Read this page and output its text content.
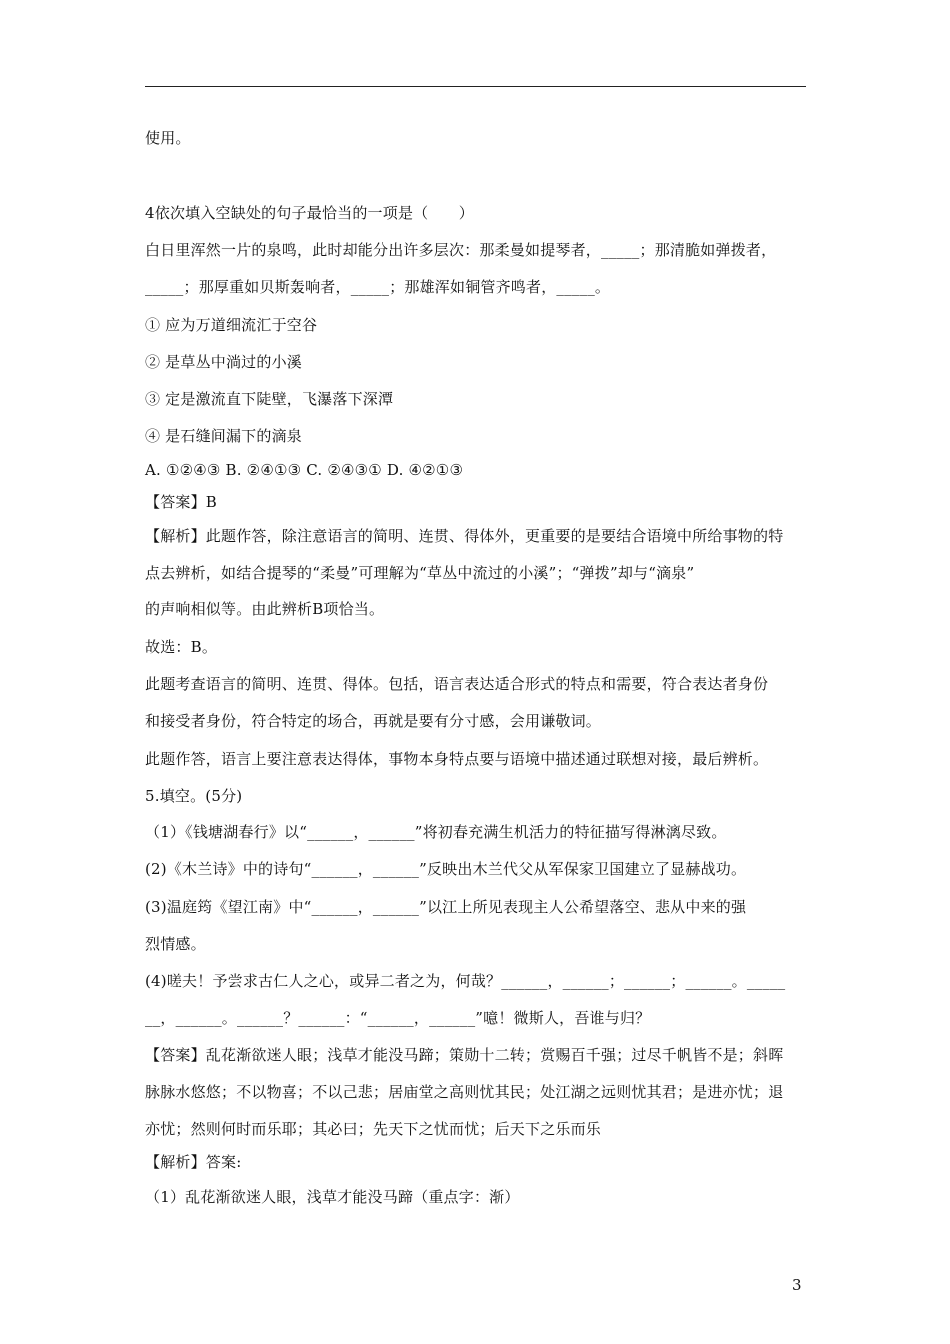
使用。
4依次填入空缺处的句子最恰当的一项是（　　）
白日里浑然一片的泉鸣，此时却能分出许多层次：那柔曼如提琴者，_____；那清脆如弹拨者，
_____；那厚重如贝斯轰响者，_____；那雄浑如铜管齐鸣者，_____。
① 应为万道细流汇于空谷
② 是草丛中淌过的小溪
③ 定是激流直下陡壁，飞瀑落下深潭
④ 是石缝间漏下的滴泉
A. ①②④③ B. ②④①③ C. ②④③① D. ④②①③
【答案】B
【解析】此题作答，除注意语言的简明、连贯、得体外，更重要的是要结合语境中所给事物的特
点去辨析，如结合提琴的“柔曼”可理解为“草丛中流过的小溪”；“弹拨”却与“滴泉”
的声响相似等。由此辨析B项恰当。
故选：B。
此题考查语言的简明、连贯、得体。包括，语言表达适合形式的特点和需要，符合表达者身份
和接受者身份，符合特定的场合，再就是要有分寸感，会用谦敬词。
此题作答，语言上要注意表达得体，事物本身特点要与语境中描述通过联想对接，最后辨析。
5.填空。(5分)
（1）《钱塘湖春行》以“______，______”将初春充满生机活力的特征描写得淋漓尽致。
(2)《木兰诗》中的诗句“______，______”反映出木兰代父从军保家卫国建立了显赫战功。
(3)温庭筠《望江南》中“______，______”以江上所见表现主人公希望落空、悲从中来的强
烈情感。
(4)嗟夫！予尝求古仁人之心，或异二者之为，何哉？______，______；______；______。_____
__，______。______？______：“______，______”噫！微斯人，吾谁与归？
【答案】乱花渐欲迷人眼；浅草才能没马蹄；策勋十二转；赏赐百千强；过尽千帆皆不是；斜晖
脉脉水悠悠；不以物喜；不以己悲；居庙堂之高则忧其民；处江湖之远则忧其君；是进亦忧；退
亦忧；然则何时而乐耶；其必曰；先天下之忧而忧；后天下之乐而乐
【解析】答案:
（1）乱花渐欲迷人眼，浅草才能没马蹄（重点字：渐）
3
